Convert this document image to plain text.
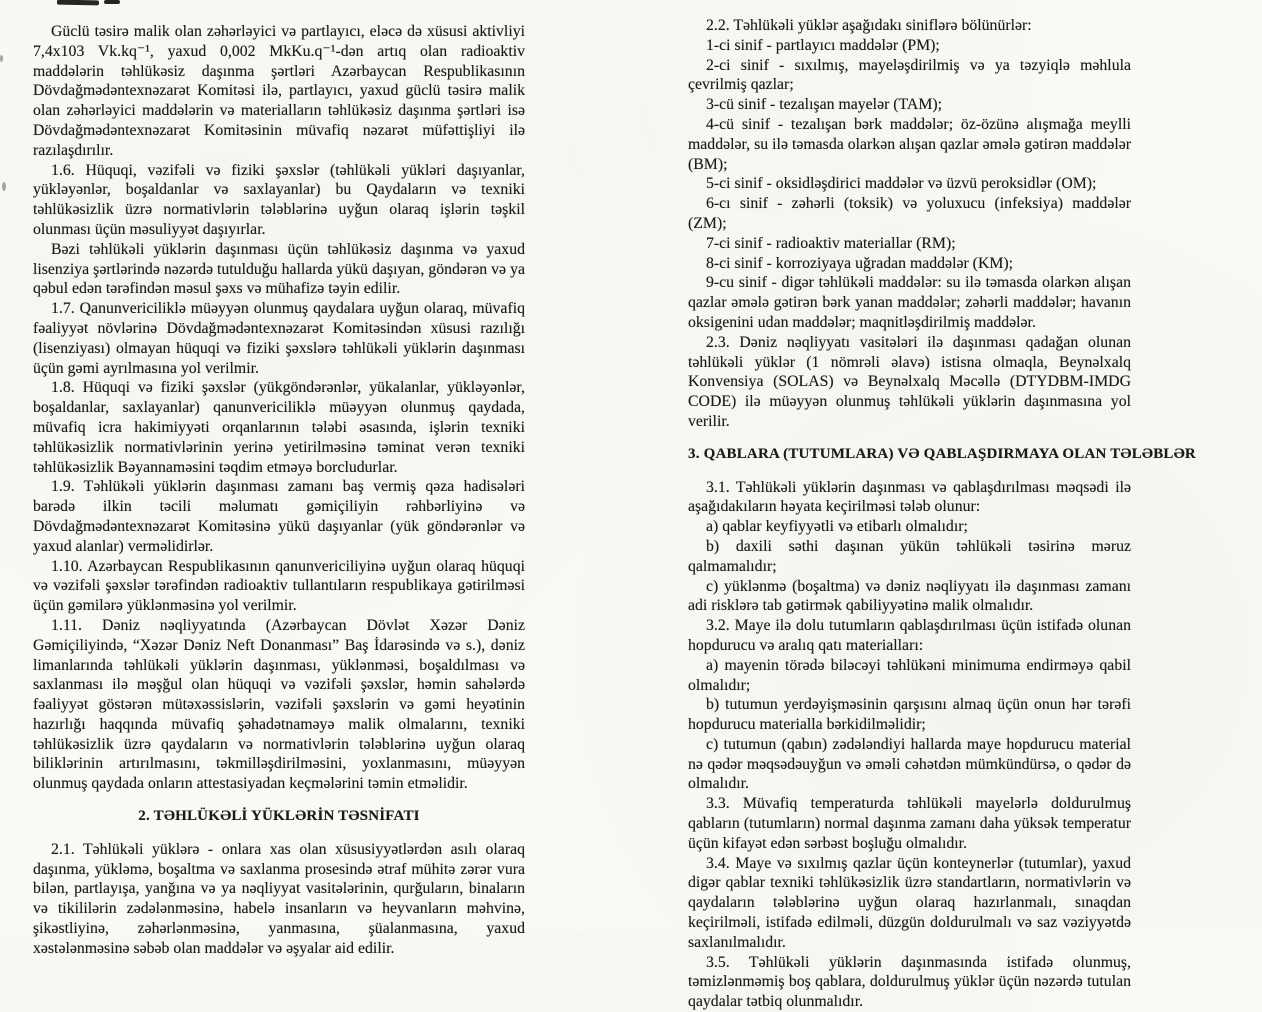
Güclü təsirə malik olan zəhərləyici və partlayıcı, eləcə də xüsusi aktivliyi 7,4x103 Vk.kq⁻¹, yaxud 0,002 MkKu.q⁻¹-dən artıq olan radioaktiv maddələrin təhlükəsiz daşınma şərtləri Azərbaycan Respublikasının Dövdağmədəntexnəzarət Komitəsi ilə, partlayıcı, yaxud güclü təsirə malik olan zəhərləyici maddələrin və materialların təhlükəsiz daşınma şərtləri isə Dövdağmədəntexnəzarət Komitəsinin müvafiq nəzarət müfəttişliyi ilə razılaşdırılır.

1.6. Hüquqi, vəzifəli və fiziki şəxslər (təhlükəli yükləri daşıyanlar, yükləyənlər, boşaldanlar və saxlayanlar) bu Qaydaların və texniki təhlükəsizlik üzrə normativlərin tələblərinə uyğun olaraq işlərin təşkil olunması üçün məsuliyyət daşıyırlar.

Bəzi təhlükəli yüklərin daşınması üçün təhlükəsiz daşınma və yaxud lisenziya şərtlərində nəzərdə tutulduğu hallarda yükü daşıyan, göndərən və ya qəbul edən tərəfindən məsul şəxs və mühafizə təyin edilir.

1.7. Qanunvericiliklə müəyyən olunmuş qaydalara uyğun olaraq, müvafiq fəaliyyət növlərinə Dövdağmədəntexnəzarət Komitəsindən xüsusi razılığı (lisenziyası) olmayan hüquqi və fiziki şəxslərə təhlükəli yüklərin daşınması üçün gəmi ayrılmasına yol verilmir.

1.8. Hüquqi və fiziki şəxslər (yükgöndərənlər, yükalanlar, yükləyənlər, boşaldanlar, saxlayanlar) qanunvericiliklə müəyyən olunmuş qaydada, müvafiq icra hakimiyyəti orqanlarının tələbi əsasında, işlərin texniki təhlükəsizlik normativlərinin yerinə yetirilməsinə təminat verən texniki təhlükəsizlik Bəyannaməsini təqdim etməyə borcludurlar.

1.9. Təhlükəli yüklərin daşınması zamanı baş vermiş qəza hadisələri barədə ilkin təcili məlumatı gəmiçiliyin rəhbərliyinə və Dövdağmədəntexnəzarət Komitəsinə yükü daşıyanlar (yük göndərənlər və yaxud alanlar) verməlidirlər.

1.10. Azərbaycan Respublikasının qanunvericiliyinə uyğun olaraq hüquqi və vəzifəli şəxslər tərəfindən radioaktiv tullantıların respublikaya gətirilməsi üçün gəmilərə yüklənməsinə yol verilmir.

1.11. Dəniz nəqliyyatında (Azərbaycan Dövlət Xəzər Dəniz Gəmiçiliyində, “Xəzər Dəniz Neft Donanması” Baş İdarəsində və s.), dəniz limanlarında təhlükəli yüklərin daşınması, yüklənməsi, boşaldılması və saxlanması ilə məşğul olan hüquqi və vəzifəli şəxslər, həmin sahələrdə fəaliyyət göstərən mütəxəssislərin, vəzifəli şəxslərin və gəmi heyətinin hazırlığı haqqında müvafiq şəhadətnaməyə malik olmalarını, texniki təhlükəsizlik üzrə qaydaların və normativlərin tələblərinə uyğun olaraq biliklərinin artırılmasını, təkmilləşdirilməsini, yoxlanmasını, müəyyən olunmuş qaydada onların attestasiyadan keçmələrini təmin etməlidir.

2. TƏHLÜKƏLİ YÜKLƏRİN TƏSNİFATI

2.1. Təhlükəli yüklərə - onlara xas olan xüsusiyyətlərdən asılı olaraq daşınma, yükləmə, boşaltma və saxlanma prosesində ətraf mühitə zərər vura bilən, partlayışa, yanğına və ya nəqliyyat vasitələrinin, qurğuların, binaların və tikililərin zədələnməsinə, habelə insanların və heyvanların məhvinə, şikəstliyinə, zəhərlənməsinə, yanmasına, şüalanmasına, yaxud xəstələnməsinə səbəb olan maddələr və əşyalar aid edilir.

2.2. Təhlükəli yüklər aşağıdakı siniflərə bölünürlər:

1-ci sinif - partlayıcı maddələr (PM);

2-ci sinif - sıxılmış, mayeləşdirilmiş və ya təzyiqlə məhlula çevrilmiş qazlar;

3-cü sinif - tezalışan mayelər (TAM);

4-cü sinif - tezalışan bərk maddələr; öz-özünə alışmağa meylli maddələr, su ilə təmasda olarkən alışan qazlar əmələ gətirən maddələr (BM);

5-ci sinif - oksidləşdirici maddələr və üzvü peroksidlər (OM);

6-cı sinif - zəhərli (toksik) və yoluxucu (infeksiya) maddələr (ZM);

7-ci sinif - radioaktiv materiallar (RM);

8-ci sinif - korroziyaya uğradan maddələr (KM);

9-cu sinif - digər təhlükəli maddələr: su ilə təmasda olarkən alışan qazlar əmələ gətirən bərk yanan maddələr; zəhərli maddələr; havanın oksigenini udan maddələr; maqnitləşdirilmiş maddələr.

2.3. Dəniz nəqliyyatı vasitələri ilə daşınması qadağan olunan təhlükəli yüklər (1 nömrəli əlavə) istisna olmaqla, Beynəlxalq Konvensiya (SOLAS) və Beynəlxalq Məcəllə (DTYDBM-IMDG CODE) ilə müəyyən olunmuş təhlükəli yüklərin daşınmasına yol verilir.

3. QABLARA (TUTUMLARA) VƏ QABLAŞDIRMAYA OLAN TƏLƏBLƏR

3.1. Təhlükəli yüklərin daşınması və qablaşdırılması məqsədi ilə aşağıdakıların həyata keçirilməsi tələb olunur:

a) qablar keyfiyyətli və etibarlı olmalıdır;

b) daxili səthi daşınan yükün təhlükəli təsirinə məruz qalmamalıdır;

c) yüklənmə (boşaltma) və dəniz nəqliyyatı ilə daşınması zamanı adi risklərə tab gətirmək qabiliyyətinə malik olmalıdır.

3.2. Maye ilə dolu tutumların qablaşdırılması üçün istifadə olunan hopdurucu və aralıq qatı materialları:

a) mayenin törədə biləcəyi təhlükəni minimuma endirməyə qabil olmalıdır;

b) tutumun yerdəyişməsinin qarşısını almaq üçün onun hər tərəfi hopdurucu materialla bərkidilməlidir;

c) tutumun (qabın) zədələndiyi hallarda maye hopdurucu material nə qədər məqsədəuyğun və əməli cəhətdən mümkündürsə, o qədər də olmalıdır.

3.3. Müvafiq temperaturda təhlükəli mayelərlə doldurulmuş qabların (tutumların) normal daşınma zamanı daha yüksək temperatur üçün kifayət edən sərbəst boşluğu olmalıdır.

3.4. Maye və sıxılmış qazlar üçün konteynerlər (tutumlar), yaxud digər qablar texniki təhlükəsizlik üzrə standartların, normativlərin və qaydaların tələblərinə uyğun olaraq hazırlanmalı, sınaqdan keçirilməli, istifadə edilməli, düzgün doldurulmalı və saz vəziyyətdə saxlanılmalıdır.

3.5. Təhlükəli yüklərin daşınmasında istifadə olunmuş, təmizlənməmiş boş qablara, doldurulmuş yüklər üçün nəzərdə tutulan qaydalar tətbiq olunmalıdır.
